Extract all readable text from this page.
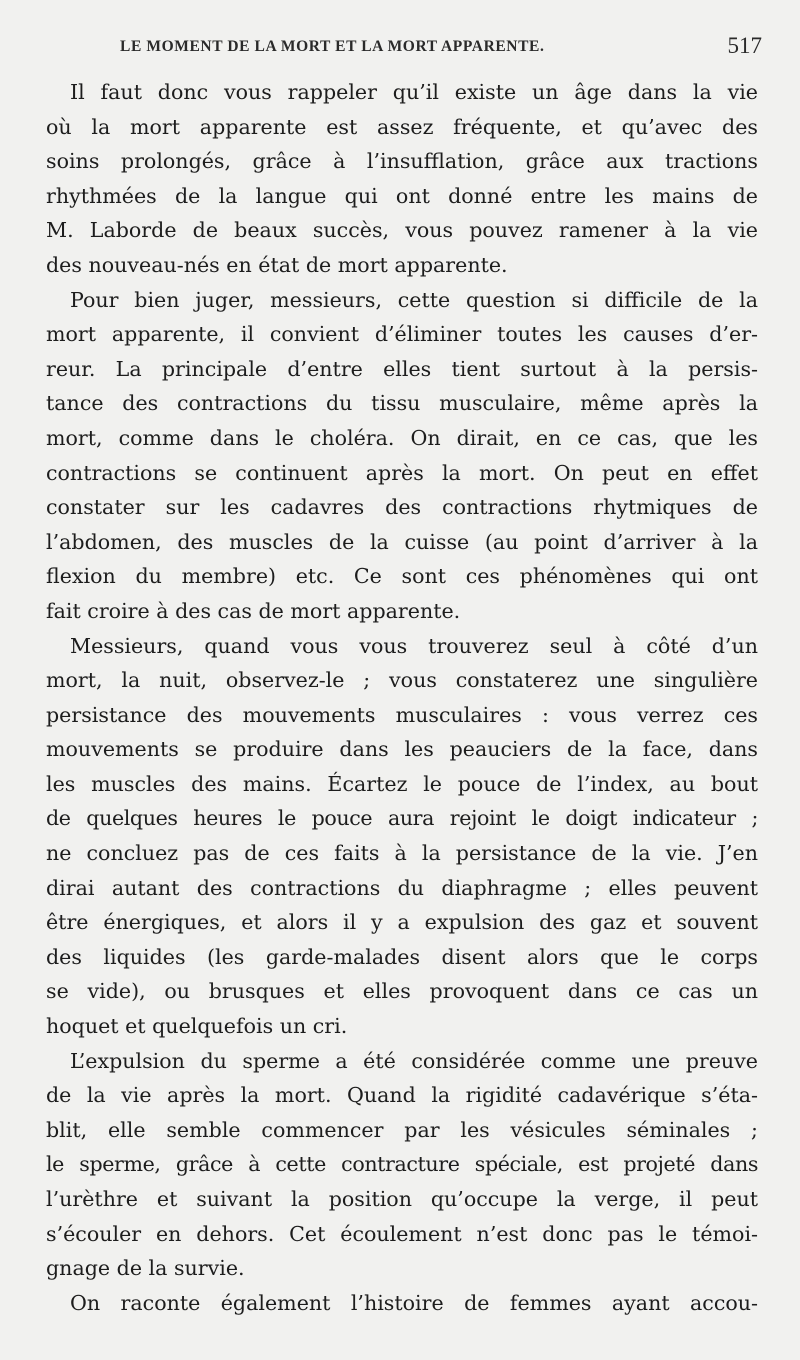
LE MOMENT DE LA MORT ET LA MORT APPARENTE.	517
Il faut donc vous rappeler qu’il existe un âge dans la vie
où la mort apparente est assez fréquente, et qu’avec des
soins prolongés, grâce à l’insufflation, grâce aux tractions
rhythmées de la langue qui ont donné entre les mains de
M. Laborde de beaux succès, vous pouvez ramener à la vie
des nouveau-nés en état de mort apparente.
Pour bien juger, messieurs, cette question si difficile de la
mort apparente, il convient d’éliminer toutes les causes d’er-
reur. La principale d’entre elles tient surtout à la persis-
tance des contractions du tissu musculaire, même après la
mort, comme dans le choléra. On dirait, en ce cas, que les
contractions se continuent après la mort. On peut en effet
constater sur les cadavres des contractions rhytmiques de
l’abdomen, des muscles de la cuisse (au point d’arriver à la
flexion du membre) etc. Ce sont ces phénomènes qui ont
fait croire à des cas de mort apparente.
Messieurs, quand vous vous trouverez seul à côté d’un
mort, la nuit, observez-le ; vous constaterez une singulière
persistance des mouvements musculaires : vous verrez ces
mouvements se produire dans les peauciers de la face, dans
les muscles des mains. Écartez le pouce de l’index, au bout
de quelques heures le pouce aura rejoint le doigt indicateur ;
ne concluez pas de ces faits à la persistance de la vie. J’en
dirai autant des contractions du diaphragme ; elles peuvent
être énergiques, et alors il y a expulsion des gaz et souvent
des liquides (les garde-malades disent alors que le corps
se vide), ou brusques et elles provoquent dans ce cas un
hoquet et quelquefois un cri.
L’expulsion du sperme a été considérée comme une preuve
de la vie après la mort. Quand la rigidité cadavérique s’éta-
blit, elle semble commencer par les vésicules séminales ;
le sperme, grâce à cette contracture spéciale, est projeté dans
l’urèthre et suivant la position qu’occupe la verge, il peut
s’écouler en dehors. Cet écoulement n’est donc pas le témoi-
gnage de la survie.
On raconte également l’histoire de femmes ayant accou-
